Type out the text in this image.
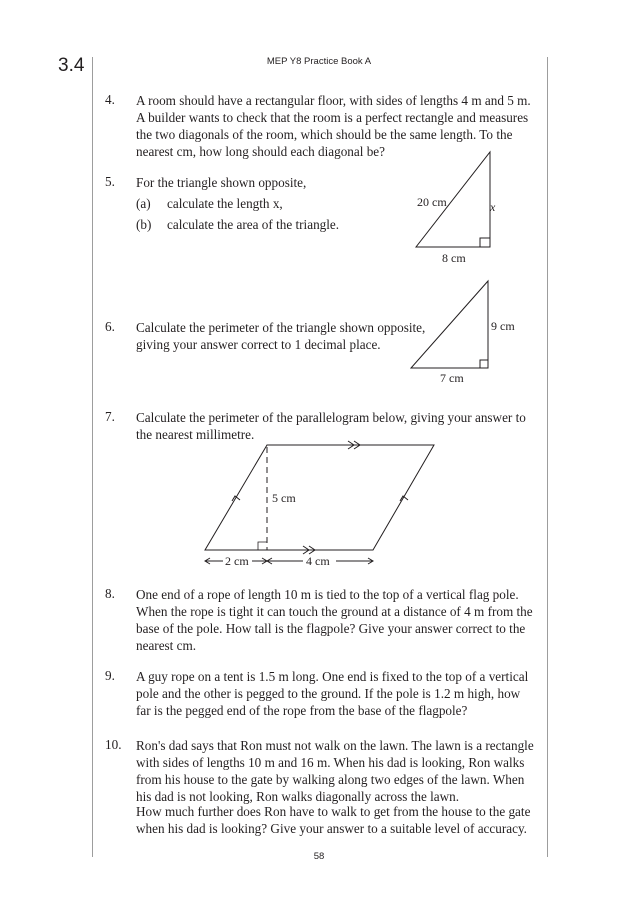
3.4	MEP Y8 Practice Book A
4. A room should have a rectangular floor, with sides of lengths 4 m and 5 m.

A builder wants to check that the room is a perfect rectangle and measures

the two diagonals of the room, which should be the same length. To the

nearest cm, how long should each diagonal be?

5. For the triangle shown opposite,
(a) calculate the length x,
(b) calculate the area of the triangle.
20 cm	x
8 cm
6. Calculate the perimeter of the triangle shown opposite,

giving your answer correct to 1 decimal place.

9 cm
7 cm
7. Calculate the perimeter of the parallelogram below, giving your answer to

the nearest millimetre.

5 cm
2 cm	4 cm
8. One end of a rope of length 10 m is tied to the top of a vertical flag pole.

When the rope is tight it can touch the ground at a distance of 4 m from the

base of the pole. How tall is the flagpole? Give your answer correct to the

nearest cm.

9. A guy rope on a tent is 1.5 m long. One end is fixed to the top of a vertical

pole and the other is pegged to the ground. If the pole is 1.2 m high, how

far is the pegged end of the rope from the base of the flagpole?

10. Ron's dad says that Ron must not walk on the lawn. The lawn is a rectangle

with sides of lengths 10 m and 16 m. When his dad is looking, Ron walks

from his house to the gate by walking along two edges of the lawn. When

his dad is not looking, Ron walks diagonally across the lawn.

How much further does Ron have to walk to get from the house to the gate

when his dad is looking? Give your answer to a suitable level of accuracy.

58
